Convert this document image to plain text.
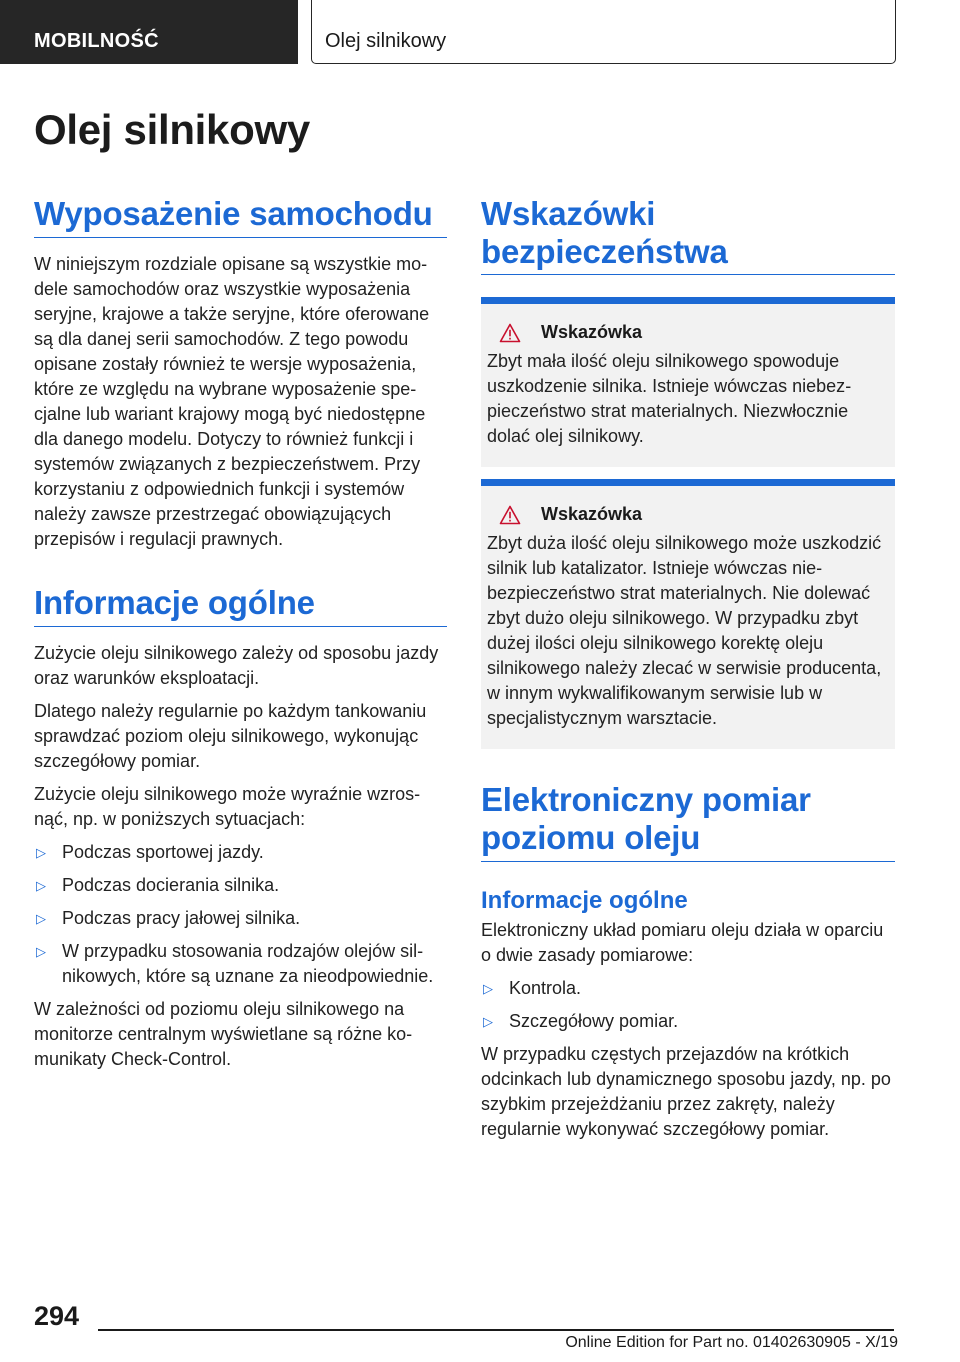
MOBILNOŚĆ	Olej silnikowy
Olej silnikowy
Wyposażenie samochodu

W niniejszym rozdziale opisane są wszystkie modele samochodów oraz wszystkie wyposażenia seryjne, krajowe a także seryjne, które oferowane są dla danej serii samochodów. Z tego powodu opisane zostały również te wersje wyposażenia, które ze względu na wybrane wyposażenie specjalne lub wariant krajowy mogą być niedostępne dla danego modelu. Dotyczy to również funkcji i systemów związanych z bezpieczeństwem. Przy korzystaniu z odpowiednich funkcji i systemów należy zawsze przestrzegać obowiązujących przepisów i regulacji prawnych.

Informacje ogólne

Zużycie oleju silnikowego zależy od sposobu jazdy oraz warunków eksploatacji.

Dlatego należy regularnie po każdym tankowaniu sprawdzać poziom oleju silnikowego, wykonując szczegółowy pomiar.

Zużycie oleju silnikowego może wyraźnie wzrosnąć, np. w poniższych sytuacjach:

▷ Podczas sportowej jazdy.
▷ Podczas docierania silnika.
▷ Podczas pracy jałowej silnika.
▷ W przypadku stosowania rodzajów olejów silnikowych, które są uznane za nieodpowiednie.

W zależności od poziomu oleju silnikowego na monitorze centralnym wyświetlane są różne komunikaty Check-Control.

Wskazówki bezpieczeństwa
Wskazówka

Zbyt mała ilość oleju silnikowego spowoduje uszkodzenie silnika. Istnieje wówczas niebezpieczeństwo strat materialnych. Niezwłocznie dolać olej silnikowy.

Wskazówka

Zbyt duża ilość oleju silnikowego może uszkodzić silnik lub katalizator. Istnieje wówczas niebezpieczeństwo strat materialnych. Nie dolewać zbyt dużo oleju silnikowego. W przypadku zbyt dużej ilości oleju silnikowego korektę oleju silnikowego należy zlecać w serwisie producenta, w innym wykwalifikowanym serwisie lub w specjalistycznym warsztacie.

Elektroniczny pomiar poziomu oleju
Informacje ogólne

Elektroniczny układ pomiaru oleju działa w oparciu o dwie zasady pomiarowe:

▷ Kontrola.
▷ Szczegółowy pomiar.

W przypadku częstych przejazdów na krótkich odcinkach lub dynamicznego sposobu jazdy, np. po szybkim przejeżdżaniu przez zakręty, należy regularnie wykonywać szczegółowy pomiar.

294
Online Edition for Part no. 01402630905 - X/19
